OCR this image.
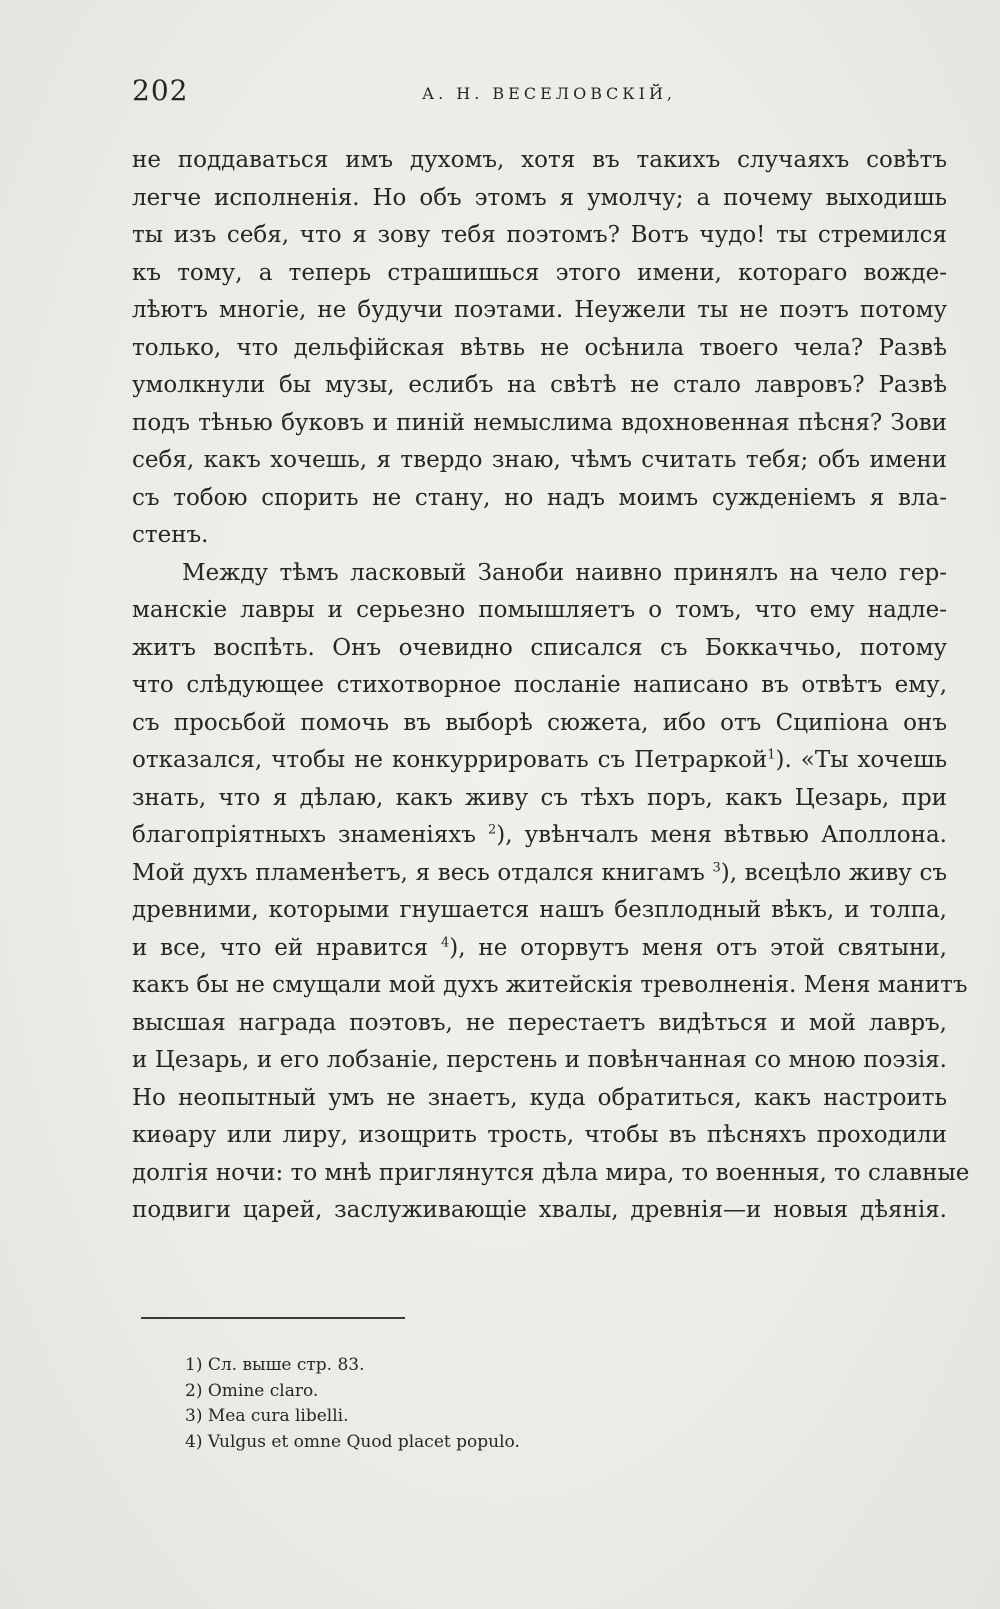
202	А. Н. ВЕСЕЛОВСКІЙ,
не поддаваться имъ духомъ, хотя въ такихъ случаяхъ совѣтъ
легче исполненія. Но объ этомъ я умолчу; а почему выходишь
ты изъ себя, что я зову тебя поэтомъ? Вотъ чудо! ты стремился
къ тому, а теперь страшишься этого имени, котораго вожде-
лѣютъ многіе, не будучи поэтами. Неужели ты не поэтъ потому
только, что дельфійская вѣтвь не осѣнила твоего чела? Развѣ
умолкнули бы музы, еслибъ на свѣтѣ не стало лавровъ? Развѣ
подъ тѣнью буковъ и пиній немыслима вдохновенная пѣсня? Зови
себя, какъ хочешь, я твердо знаю, чѣмъ считать тебя; объ имени
съ тобою спорить не стану, но надъ моимъ сужденіемъ я вла-
стенъ.
Между тѣмъ ласковый Заноби наивно принялъ на чело гер-
манскіе лавры и серьезно помышляетъ о томъ, что ему надле-
житъ воспѣть. Онъ очевидно списался съ Боккаччьо, потому
что слѣдующее стихотворное посланіе написано въ отвѣтъ ему,
съ просьбой помочь въ выборѣ сюжета, ибо отъ Сципіона онъ
отказался, чтобы не конкуррировать съ Петраркой$^1$). «Ты хочешь
знать, что я дѣлаю, какъ живу съ тѣхъ поръ, какъ Цезарь, при
благопріятныхъ знаменіяхъ $^2$), увѣнчалъ меня вѣтвью Аполлона.
Мой духъ пламенѣетъ, я весь отдался книгамъ $^3$), всецѣло живу съ
древними, которыми гнушается нашъ безплодный вѣкъ, и толпа,
и все, что ей нравится $^4$), не оторвутъ меня отъ этой святыни,
какъ бы не смущали мой духъ житейскія треволненія. Меня манитъ
высшая награда поэтовъ, не перестаетъ видѣться и мой лавръ,
и Цезарь, и его лобзаніе, перстень и повѣнчанная со мною поэзія.
Но неопытный умъ не знаетъ, куда обратиться, какъ настроить
киѳару или лиру, изощрить трость, чтобы въ пѣсняхъ проходили
долгія ночи: то мнѣ приглянутся дѣла мира, то военныя, то славные
подвиги царей, заслуживающіе хвалы, древнія—и новыя дѣянія.
1) Сл. выше стр. 83.
2) Omine claro.
3) Mea cura libelli.
4) Vulgus et omne Quod placet populo.
